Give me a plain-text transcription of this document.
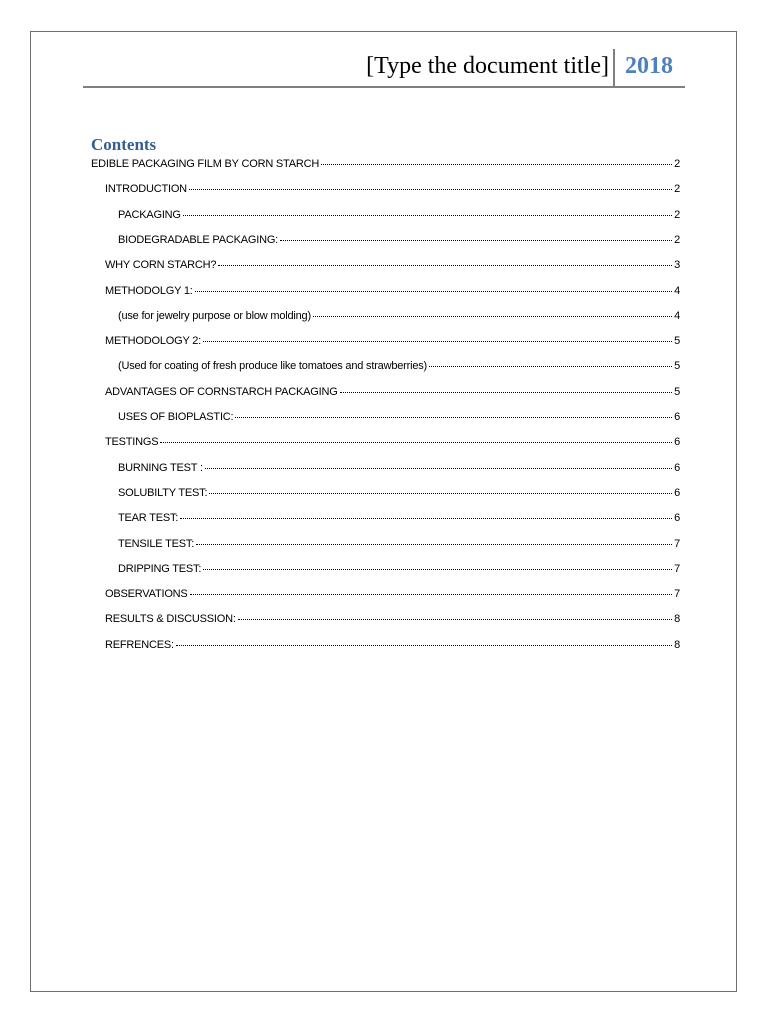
[Type the document title] 2018
Contents
EDIBLE PACKAGING FILM BY CORN STARCH	2
INTRODUCTION	2
PACKAGING	2
BIODEGRADABLE PACKAGING:	2
WHY CORN STARCH?	3
METHODOLGY 1:	4
(use for jewelry purpose or blow molding)	4
METHODOLOGY 2:	5
(Used for coating of fresh produce like tomatoes and strawberries)	5
ADVANTAGES OF CORNSTARCH PACKAGING	5
USES OF BIOPLASTIC:	6
TESTINGS	6
BURNING TEST :	6
SOLUBILTY TEST:	6
TEAR TEST:	6
TENSILE TEST:	7
DRIPPING TEST:	7
OBSERVATIONS	7
RESULTS & DISCUSSION:	8
REFRENCES:	8
